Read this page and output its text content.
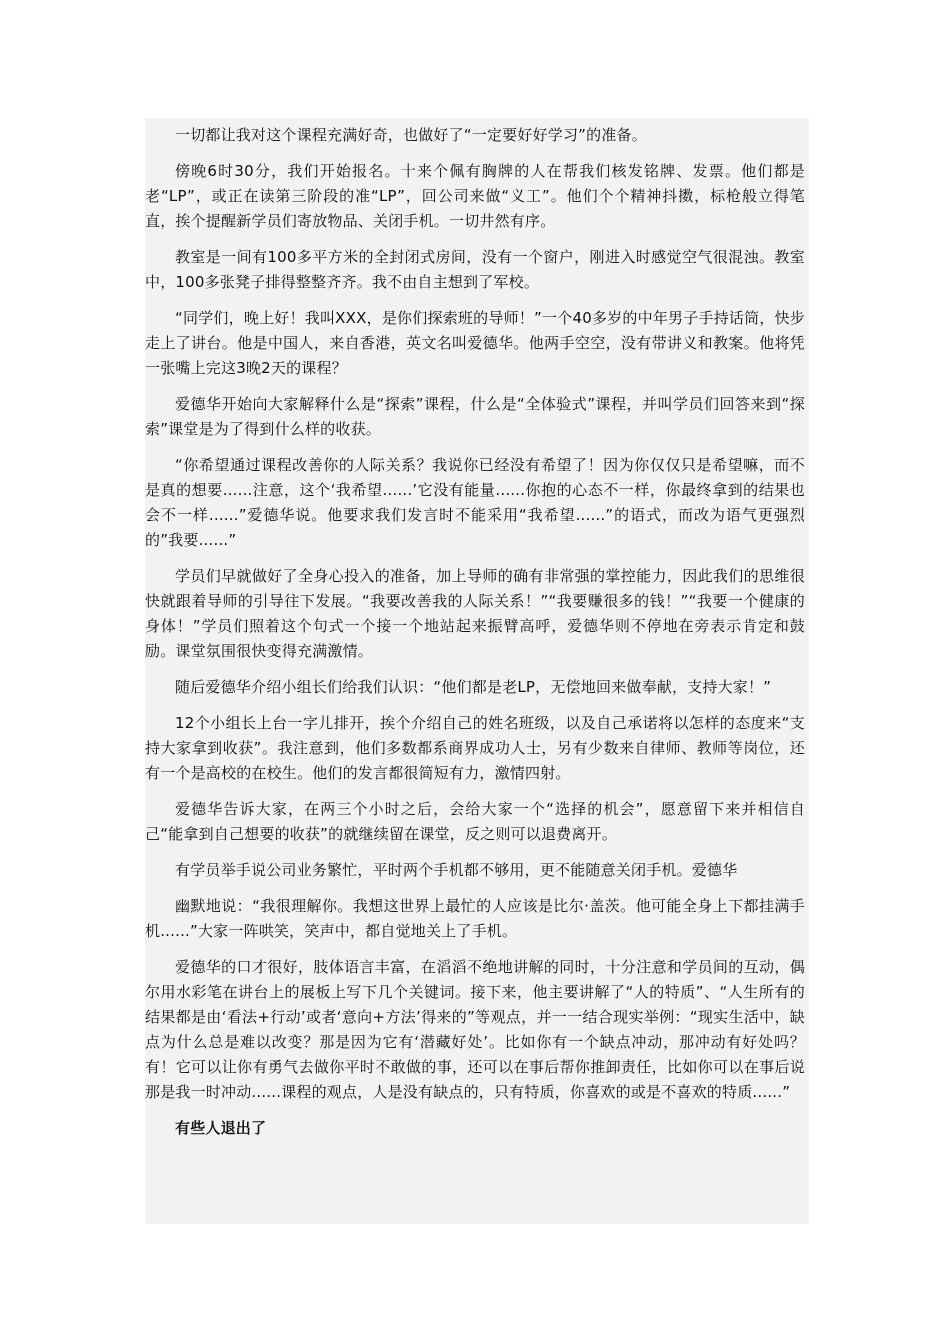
一切都让我对这个课程充满好奇，也做好了“一定要好好学习”的准备。

傍晚6时30分，我们开始报名。十来个佩有胸牌的人在帮我们核发铭牌、发票。他们都是老“LP”，或正在读第三阶段的准“LP”，回公司来做“义工”。他们个个精神抖擞，标枪般立得笔直，挨个提醒新学员们寄放物品、关闭手机。一切井然有序。

教室是一间有100多平方米的全封闭式房间，没有一个窗户，刚进入时感觉空气很混浊。教室中，100多张凳子排得整整齐齐。我不由自主想到了军校。

“同学们，晚上好！我叫XXX，是你们探索班的导师！”一个40多岁的中年男子手持话筒，快步走上了讲台。他是中国人，来自香港，英文名叫爱德华。他两手空空，没有带讲义和教案。他将凭一张嘴上完这3晚2天的课程？

爱德华开始向大家解释什么是“探索”课程，什么是“全体验式”课程，并叫学员们回答来到“探索”课堂是为了得到什么样的收获。

“你希望通过课程改善你的人际关系？我说你已经没有希望了！因为你仅仅只是希望嘛，而不是真的想要......注意，这个‘我希望......’它没有能量......你抱的心态不一样，你最终拿到的结果也会不一样......”爱德华说。他要求我们发言时不能采用“我希望......”的语式，而改为语气更强烈的”我要......”

学员们早就做好了全身心投入的准备，加上导师的确有非常强的掌控能力，因此我们的思维很快就跟着导师的引导往下发展。“我要改善我的人际关系！”“我要赚很多的钱！”“我要一个健康的身体！”学员们照着这个句式一个接一个地站起来振臂高呼，爱德华则不停地在旁表示肯定和鼓励。课堂氛围很快变得充满激情。

随后爱德华介绍小组长们给我们认识：“他们都是老LP，无偿地回来做奉献，支持大家！”

12个小组长上台一字儿排开，挨个介绍自己的姓名班级，以及自己承诺将以怎样的态度来“支持大家拿到收获”。我注意到，他们多数都系商界成功人士，另有少数来自律师、教师等岗位，还有一个是高校的在校生。他们的发言都很简短有力，激情四射。

爱德华告诉大家，在两三个小时之后，会给大家一个“选择的机会”，愿意留下来并相信自己“能拿到自己想要的收获”的就继续留在课堂，反之则可以退费离开。

有学员举手说公司业务繁忙，平时两个手机都不够用，更不能随意关闭手机。爱德华

幽默地说：“我很理解你。我想这世界上最忙的人应该是比尔·盖茨。他可能全身上下都挂满手机......”大家一阵哄笑，笑声中，都自觉地关上了手机。

爱德华的口才很好，肢体语言丰富，在滔滔不绝地讲解的同时，十分注意和学员间的互动，偶尔用水彩笔在讲台上的展板上写下几个关键词。接下来，他主要讲解了“人的特质”、“人生所有的结果都是由‘看法+行动’或者‘意向+方法’得来的”等观点，并一一结合现实举例：“现实生活中，缺点为什么总是难以改变？那是因为它有‘潜藏好处’。比如你有一个缺点冲动，那冲动有好处吗？有！它可以让你有勇气去做你平时不敢做的事，还可以在事后帮你推卸责任，比如你可以在事后说那是我一时冲动......课程的观点，人是没有缺点的，只有特质，你喜欢的或是不喜欢的特质......”

有些人退出了
